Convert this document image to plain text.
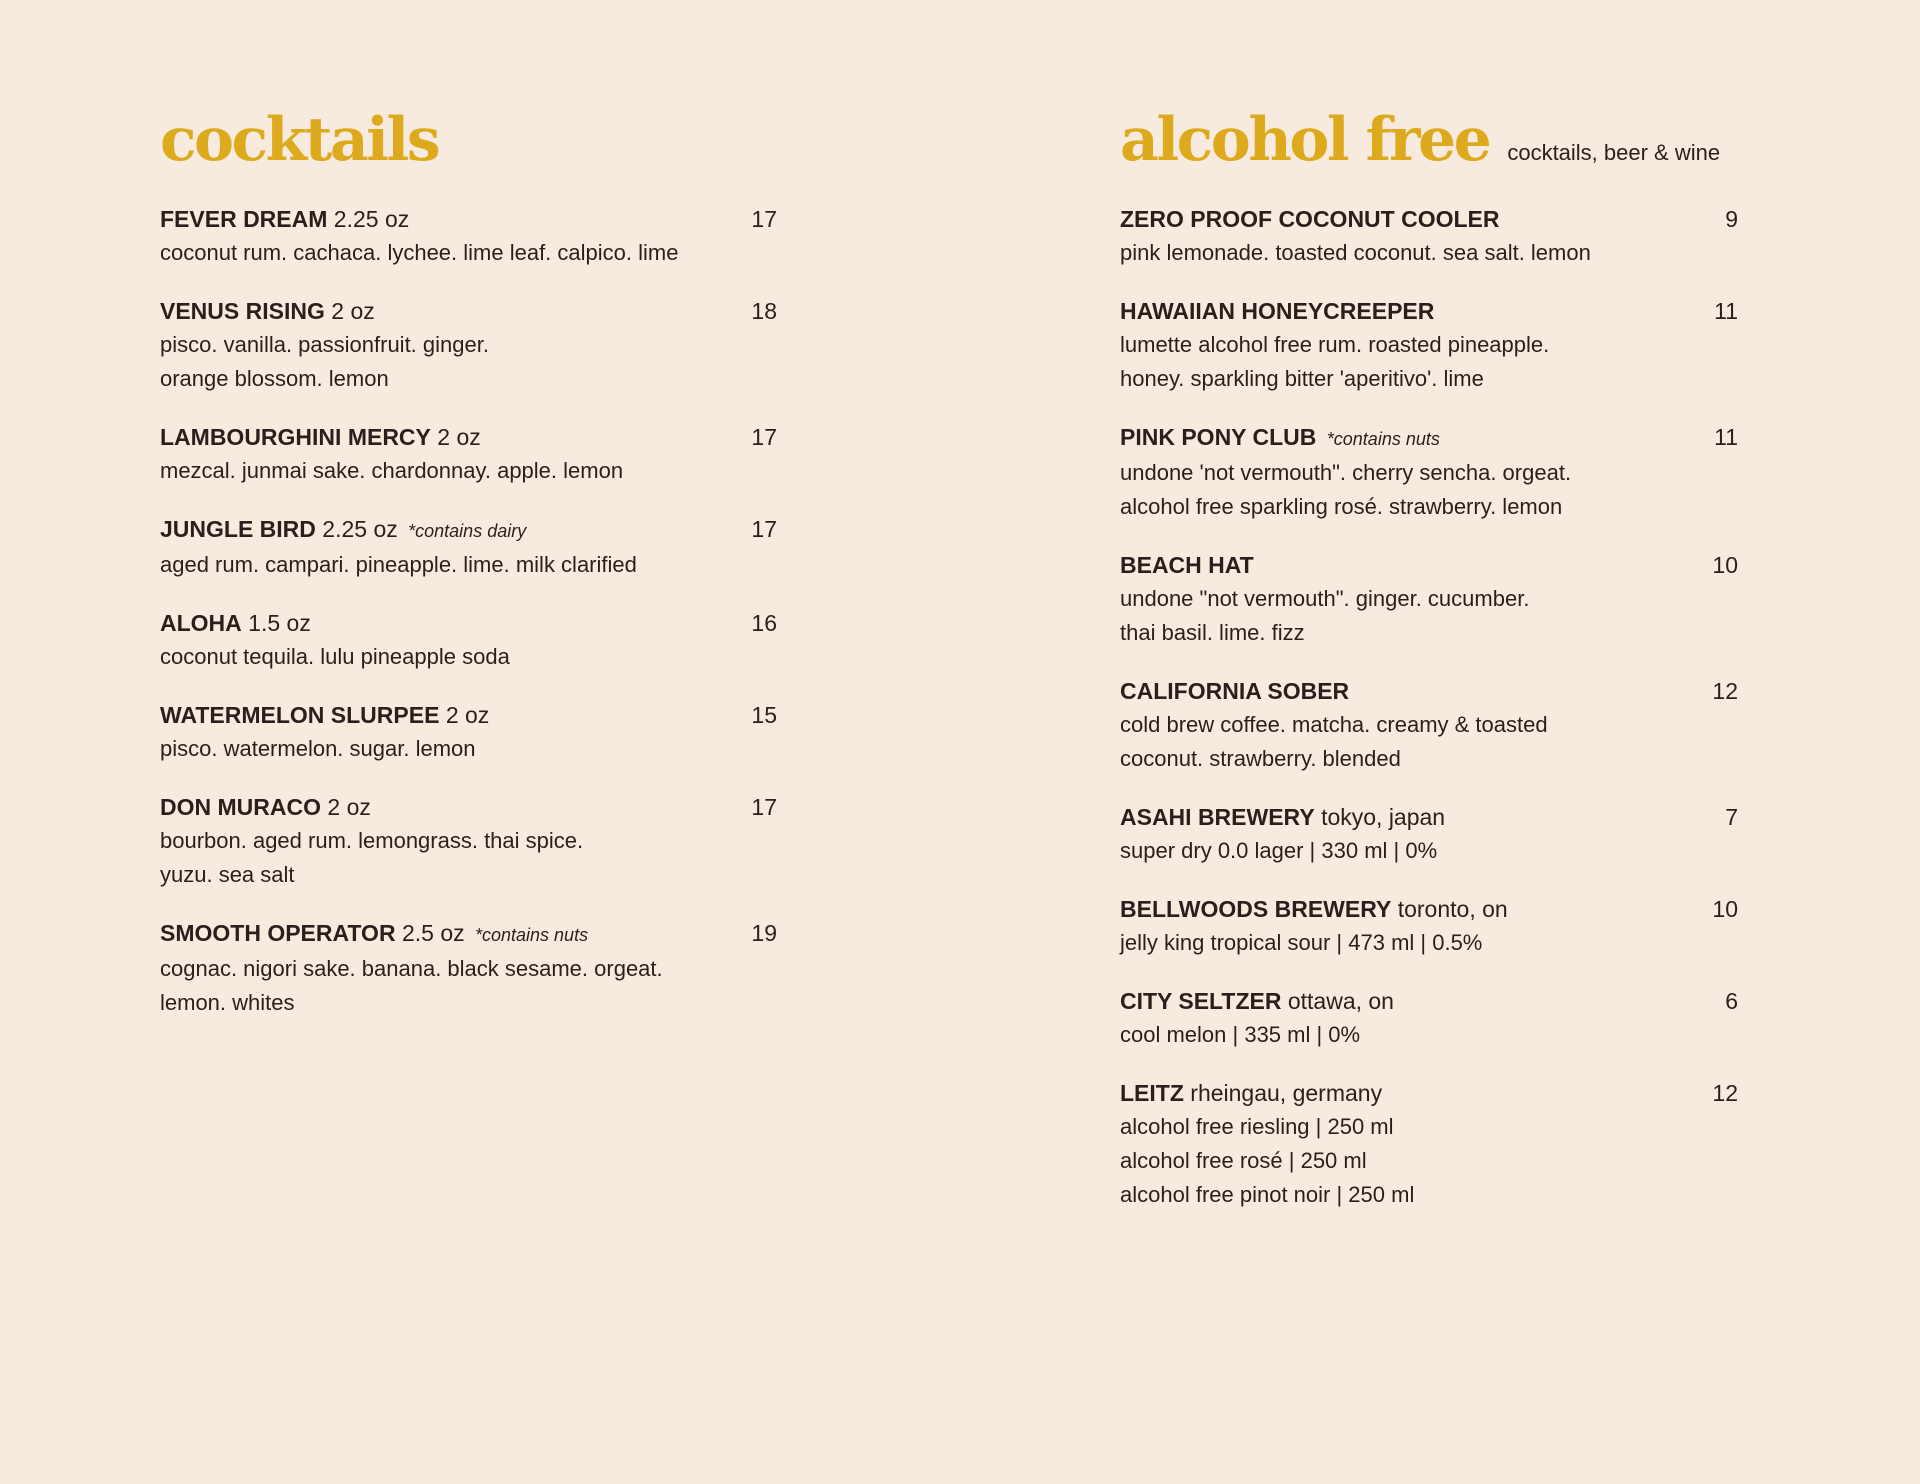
cocktails
FEVER DREAM 2.25 oz	17
coconut rum. cachaca. lychee. lime leaf. calpico. lime
VENUS RISING 2 oz	18
pisco. vanilla. passionfruit. ginger.
orange blossom. lemon
LAMBOURGHINI MERCY 2 oz	17
mezcal. junmai sake. chardonnay. apple. lemon
JUNGLE BIRD 2.25 oz *contains dairy	17
aged rum. campari. pineapple. lime. milk clarified
ALOHA 1.5 oz	16
coconut tequila. lulu pineapple soda
WATERMELON SLURPEE 2 oz	15
pisco. watermelon. sugar. lemon
DON MURACO 2 oz	17
bourbon. aged rum. lemongrass. thai spice.
yuzu. sea salt
SMOOTH OPERATOR 2.5 oz *contains nuts	19
cognac. nigori sake. banana. black sesame. orgeat.
lemon. whites
alcohol free cocktails, beer & wine
ZERO PROOF COCONUT COOLER	9
pink lemonade. toasted coconut. sea salt. lemon
HAWAIIAN HONEYCREEPER	11
lumette alcohol free rum. roasted pineapple.
honey. sparkling bitter 'aperitivo'. lime
PINK PONY CLUB *contains nuts	11
undone 'not vermouth". cherry sencha. orgeat.
alcohol free sparkling rosé. strawberry. lemon
BEACH HAT	10
undone "not vermouth". ginger. cucumber.
thai basil. lime. fizz
CALIFORNIA SOBER	12
cold brew coffee. matcha. creamy & toasted
coconut. strawberry. blended
ASAHI BREWERY tokyo, japan	7
super dry 0.0 lager | 330 ml | 0%
BELLWOODS BREWERY toronto, on	10
jelly king tropical sour | 473 ml | 0.5%
CITY SELTZER ottawa, on	6
cool melon | 335 ml | 0%
LEITZ rheingau, germany	12
alcohol free riesling | 250 ml
alcohol free rosé | 250 ml
alcohol free pinot noir | 250 ml
